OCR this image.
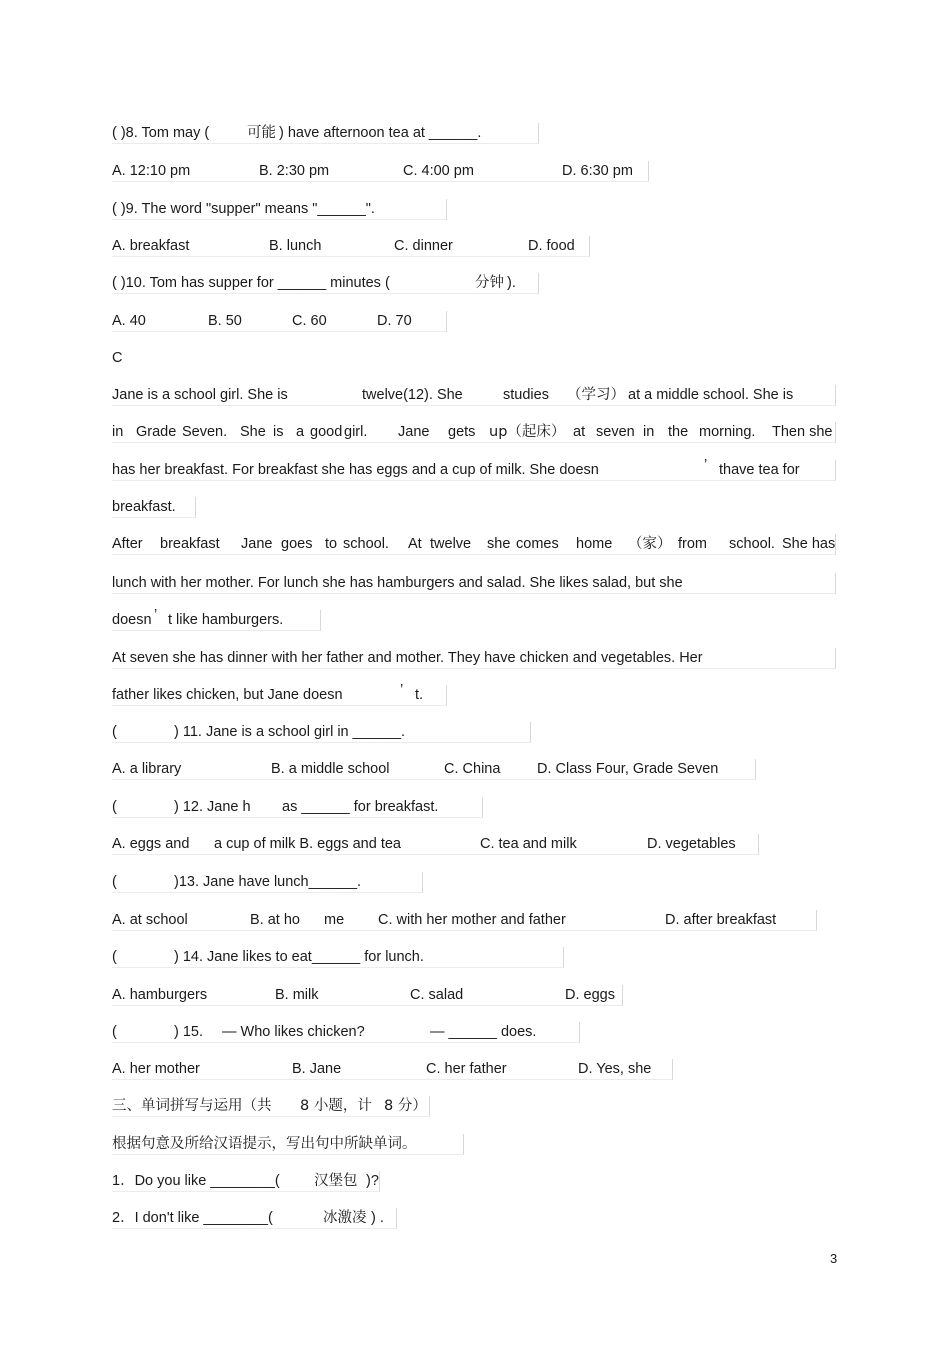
( )8. Tom may (	可能 ) have afternoon tea at ______.
A. 12:10 pm	B. 2:30 pm	C. 4:00 pm	D. 6:30 pm
( )9. The word "supper" means "______".
A. breakfast	B. lunch	C. dinner	D. food
( )10. Tom has supper for ______ minutes (	分钟 ).
A. 40	B. 50	C. 60	D. 70
C
Jane is a school girl. She is	twelve(12). She	studies （学习） at a middle school. She is
in Grade Seven. She is a good girl. Jane gets up（起床） at seven in the morning. Then she
has her breakfast. For breakfast she has eggs and a cup of milk. She doesn	’ thave tea for
breakfast.
After breakfast Jane goes to school. At twelve she comes home （家） from school. She has
lunch with her mother. For lunch she has hamburgers and salad. She likes salad, but she
doesn ’ t like hamburgers.
At seven she has dinner with her father and mother. They have chicken and vegetables. Her
father likes chicken, but Jane doesn	’ t.
(	) 11. Jane is a school girl in ______.
A. a library	B. a middle school	C. China	D. Class Four, Grade Seven
(	) 12. Jane h as ______ for breakfast.
A. eggs and a cup of milk B. eggs and tea	C. tea and milk	D. vegetables
(	)13. Jane have lunch______.
A. at school	B. at ho me C. with her mother and father	D. after breakfast
(	) 14. Jane likes to eat______ for lunch.
A. hamburgers	B. milk	C. salad	D. eggs
(	) 15. — Who likes chicken?	— ______ does.
A. her mother	B. Jane	C. her father	D. Yes, she
三、单词拼写与运用（共 8 小题，计 8 分）
根据句意及所给汉语提示，写出句中所缺单词。
1．Do you like ________( 汉堡包 )?
2．I don't like ________(	冰激凌 ) .
3
